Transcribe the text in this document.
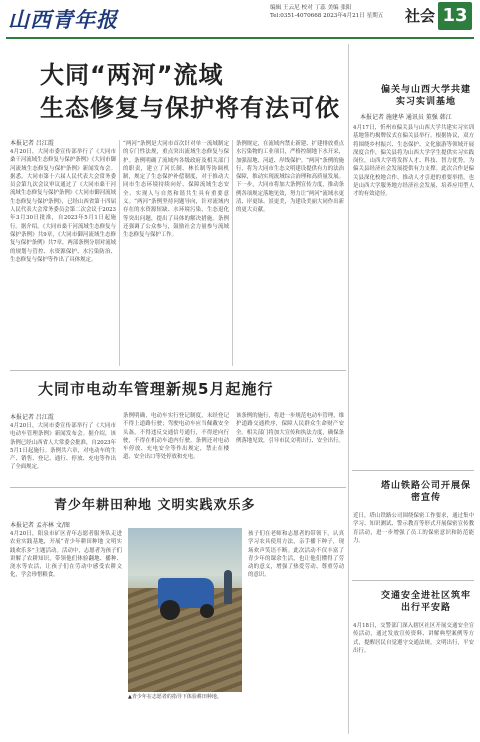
山西青年报	编辑 王云尼 校对 丁蕊 美编 张阳
Tel:0351-4070668 2023年4月21日 星期五	社会 13
大同“两河”流域
生态修复与保护将有法可依
本报记者 吕江霞
4月20日，大同市委宣传部举行了《大同市桑干河流域生态修复与保护条例》《大同市御河流域生态修复与保护条例》新闻发布会。据悉，大同市第十六届人民代表大会常务委员会第九次会议审议通过了《大同市桑干河流域生态修复与保护条例》《大同市御河流域生态修复与保护条例》，已经山西省第十四届人民代表大会常务委员会第二次会议于2023年3月30日批准，自2023年5月1日起施行。据介绍，《大同市桑干河流域生态修复与保护条例》共9章，《大同市御河流域生态修复与保护条例》共7章，两部条例分别对流域的规划与管控、水资源保护、水污染防治、生态修复与保护等作出了具体规定。
“两河”条例是大同市首次针对单一流域制定的专门性法规，重点突出流域生态修复与保护。条例明确了流域内各级政府及相关部门的职责，建立了河长制、林长制等协调机制，规定了生态保护补偿制度，对于推动大同市生态环境持续向好、保障流域生态安全、实现人与自然和谐共生具有重要意义。“两河”条例坚持问题导向，针对流域内存在的水资源短缺、水环境污染、生态退化等突出问题，提出了具体的解决措施。条例还强调了公众参与，鼓励社会力量参与流域生态修复与保护工作。
条例规定，在流域内禁止新建、扩建排放重点水污染物的工业项目，严格控制地下水开采，加强湿地、河道、岸线保护。“两河”条例的施行，将为大同市生态文明建设提供有力的法治保障，推动实现流域综合治理和高质量发展。下一步，大同市将加大条例宣传力度，推动条例各项规定落地见效，努力让“两河”流域水更清、岸更绿、景更美，为建设美丽大同作出新的更大贡献。
偏关与山西大学共建实习实训基地
本报记者 施建华 通讯员 董强 韩江
4月17日，忻州市偏关县与山西大学共建实习实训基地签约揭牌仪式在偏关县举行。根据协议，双方将围绕乡村振兴、生态保护、文化旅游等领域开展深度合作，偏关县将为山西大学学生提供实习实践岗位，山西大学将发挥人才、科技、智力优势，为偏关县经济社会发展提供有力支撑。此次合作是偏关县深化校地合作、推动人才引进的重要举措，也是山西大学服务地方经济社会发展、培养应用型人才的有效途径。
塔山铁路公司开展保密宣传
近日，塔山铁路公司围绕保密工作要求，通过集中学习、知识测试、警示教育等形式开展保密宣传教育活动，进一步增强了员工的保密意识和防范能力。
交通安全进社区筑牢出行平安路
4月18日，交警部门深入辖区社区开展交通安全宣传活动，通过发放宣传资料、讲解典型案例等方式，提醒居民自觉遵守交通法规，文明出行，平安出行。
大同市电动车管理新规5月起施行
本报记者 吕江霞
4月20日，大同市委宣传部举行了《大同市电动车管理条例》新闻发布会。据介绍，该条例已经山西省人大常委会批准，自2023年5月1日起施行。条例共六章，对电动车的生产、销售、登记、通行、停放、充电等作出了全面规定。
条例明确，电动车实行登记制度，未经登记不得上道路行驶；驾驶电动车应当佩戴安全头盔，不得违反交通信号通行，不得逆向行驶，不得在机动车道内行驶。条例还对电动车停放、充电安全等作出规定，禁止在楼道、安全出口等处停放和充电。
该条例的施行，将进一步规范电动车管理，维护道路交通秩序，保障人民群众生命财产安全。相关部门将加大宣传和执法力度，确保条例落地见效，引导市民文明出行、安全出行。
青少年耕田种地 文明实践欢乐多
本报记者 孟亦林 文/图
4月20日，阳泉市矿区青年志愿者服务队走进农业实践基地，开展“青少年耕田种地 文明实践欢乐多”主题活动。活动中，志愿者为孩子们讲解了农耕知识，带领他们体验翻地、播种、浇水等农活，让孩子们在劳动中感受农耕文化，学会珍惜粮食。
▲青少年在志愿者的指导下体验耕田种地。
孩子们在老师和志愿者的带领下，认真学习农具使用方法，亲手播下种子，现场欢声笑语不断。此次活动不仅丰富了青少年的课余生活，也让他们懂得了劳动的意义，增强了热爱劳动、尊重劳动的意识。
